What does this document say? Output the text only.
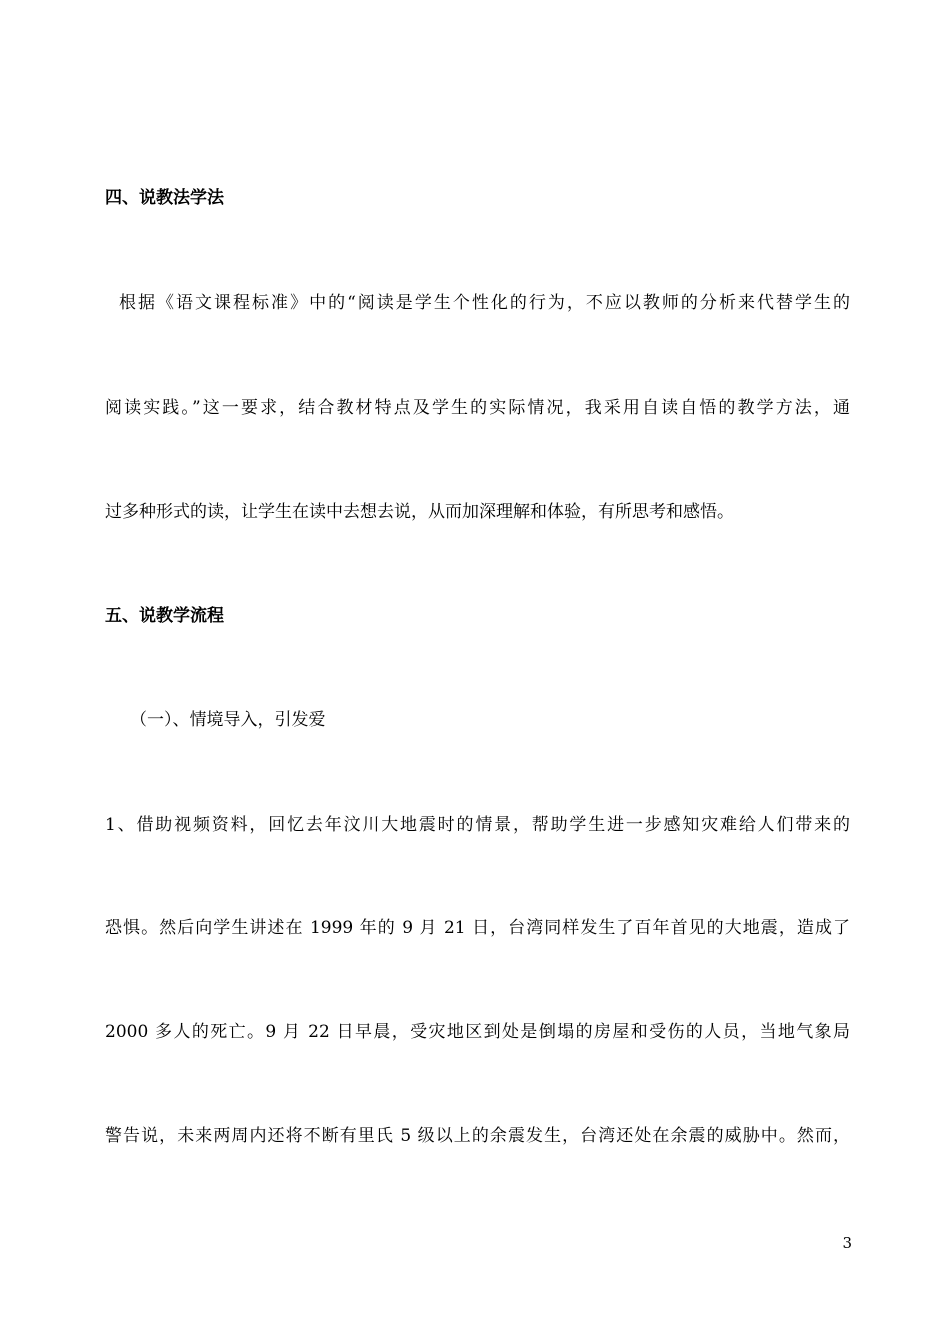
四、说教法学法
根据《语文课程标准》中的“阅读是学生个性化的行为，不应以教师的分析来代替学生的
阅读实践。”这一要求，结合教材特点及学生的实际情况，我采用自读自悟的教学方法，通
过多种形式的读，让学生在读中去想去说，从而加深理解和体验，有所思考和感悟。
五、说教学流程
（一）、情境导入，引发爱
1、借助视频资料，回忆去年汶川大地震时的情景，帮助学生进一步感知灾难给人们带来的
恐惧。然后向学生讲述在 1999 年的 9 月 21 日，台湾同样发生了百年首见的大地震，造成了
2000 多人的死亡。9 月 22 日早晨，受灾地区到处是倒塌的房屋和受伤的人员，当地气象局
警告说，未来两周内还将不断有里氏 5 级以上的余震发生，台湾还处在余震的威胁中。然而，
3
